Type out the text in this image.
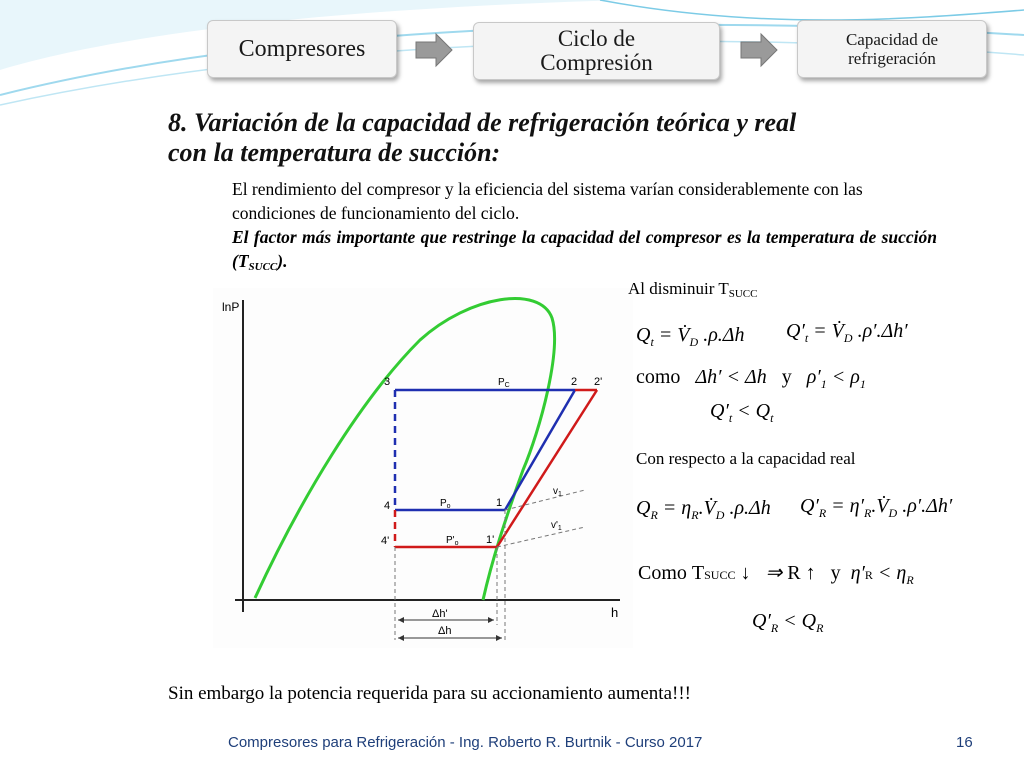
Compresores	Ciclo de
Compresión
Capacidad de
refrigeración
8. Variación de la capacidad de refrigeración teórica y real
con la temperatura de succión:
El rendimiento del compresor y la eficiencia del sistema varían considerablemente con las condiciones de funcionamiento del ciclo.
El factor más importante que restringe la capacidad del compresor es la temperatura de succión $(T_{SUCC})$.
lnP
h
Δh'
Δh
3	2 2'
4	1
4'	1'
$P_C$
$P_o$
$P'_o$
$v_1$
$v'_1$
Al disminuir $T_{SUCC}$
$Q_t$ = $V̇_D$ .ρ.Δh $Q'_t$ = $V̇_D$ .ρ′.Δh′
como   Δh′ < Δh   y   $\rho'_1 < \rho_1$
$Q'_t < Q_t$
Con respecto a la capacidad real
$Q_R$ = $\eta_R.V̇_D$ .ρ.Δh $Q'_R$ = $\eta'_R.V̇_D$ .ρ′.Δh′
Como TSUCC ↓   ⇒ R ↑   y  $\eta'R < \eta_R$
$Q'_R < Q_R$
Sin embargo la potencia requerida para su accionamiento aumenta!!!
Compresores para Refrigeración - Ing. Roberto R. Burtnik - Curso 2017	16
